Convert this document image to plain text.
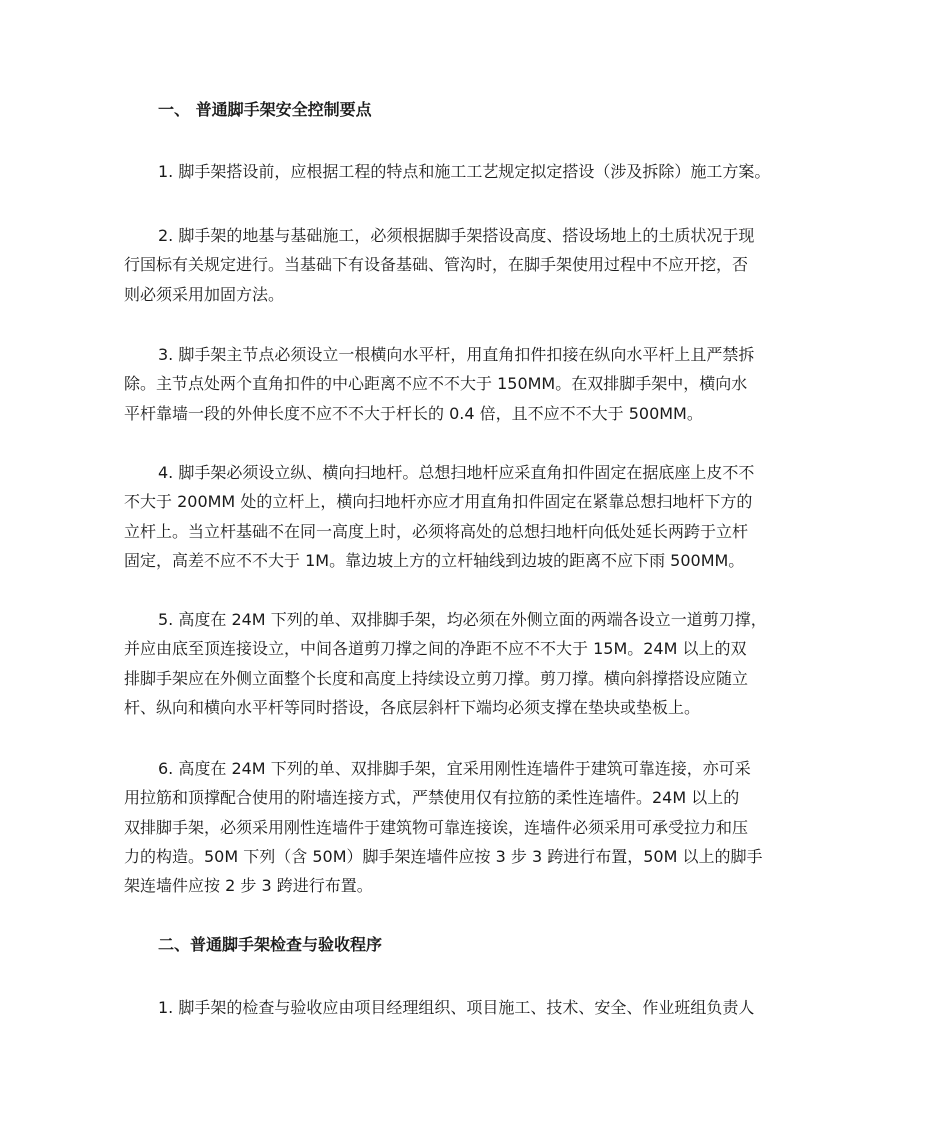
一、 普通脚手架安全控制要点
1. 脚手架搭设前，应根据工程的特点和施工工艺规定拟定搭设（涉及拆除）施工方案。
2. 脚手架的地基与基础施工，必须根据脚手架搭设高度、搭设场地上的土质状况于现
行国标有关规定进行。当基础下有设备基础、管沟时，在脚手架使用过程中不应开挖，否
则必须采用加固方法。
3. 脚手架主节点必须设立一根横向水平杆，用直角扣件扣接在纵向水平杆上且严禁拆
除。主节点处两个直角扣件的中心距离不应不不大于 150MM。在双排脚手架中，横向水
平杆靠墙一段的外伸长度不应不不大于杆长的 0.4 倍，且不应不不大于 500MM。
4. 脚手架必须设立纵、横向扫地杆。总想扫地杆应采直角扣件固定在据底座上皮不不
不大于 200MM 处的立杆上，横向扫地杆亦应才用直角扣件固定在紧靠总想扫地杆下方的
立杆上。当立杆基础不在同一高度上时，必须将高处的总想扫地杆向低处延长两跨于立杆
固定，高差不应不不大于 1M。靠边坡上方的立杆轴线到边坡的距离不应下雨 500MM。
5. 高度在 24M 下列的单、双排脚手架，均必须在外侧立面的两端各设立一道剪刀撑，
并应由底至顶连接设立，中间各道剪刀撑之间的净距不应不不大于 15M。24M 以上的双
排脚手架应在外侧立面整个长度和高度上持续设立剪刀撑。剪刀撑。横向斜撑搭设应随立
杆、纵向和横向水平杆等同时搭设，各底层斜杆下端均必须支撑在垫块或垫板上。
6. 高度在 24M 下列的单、双排脚手架，宜采用刚性连墙件于建筑可靠连接，亦可采
用拉筋和顶撑配合使用的附墙连接方式，严禁使用仅有拉筋的柔性连墙件。24M 以上的
双排脚手架，必须采用刚性连墙件于建筑物可靠连接诶，连墙件必须采用可承受拉力和压
力的构造。50M 下列（含 50M）脚手架连墙件应按 3 步 3 跨进行布置，50M 以上的脚手
架连墙件应按 2 步 3 跨进行布置。
二、普通脚手架检查与验收程序
1. 脚手架的检查与验收应由项目经理组织、项目施工、技术、安全、作业班组负责人
